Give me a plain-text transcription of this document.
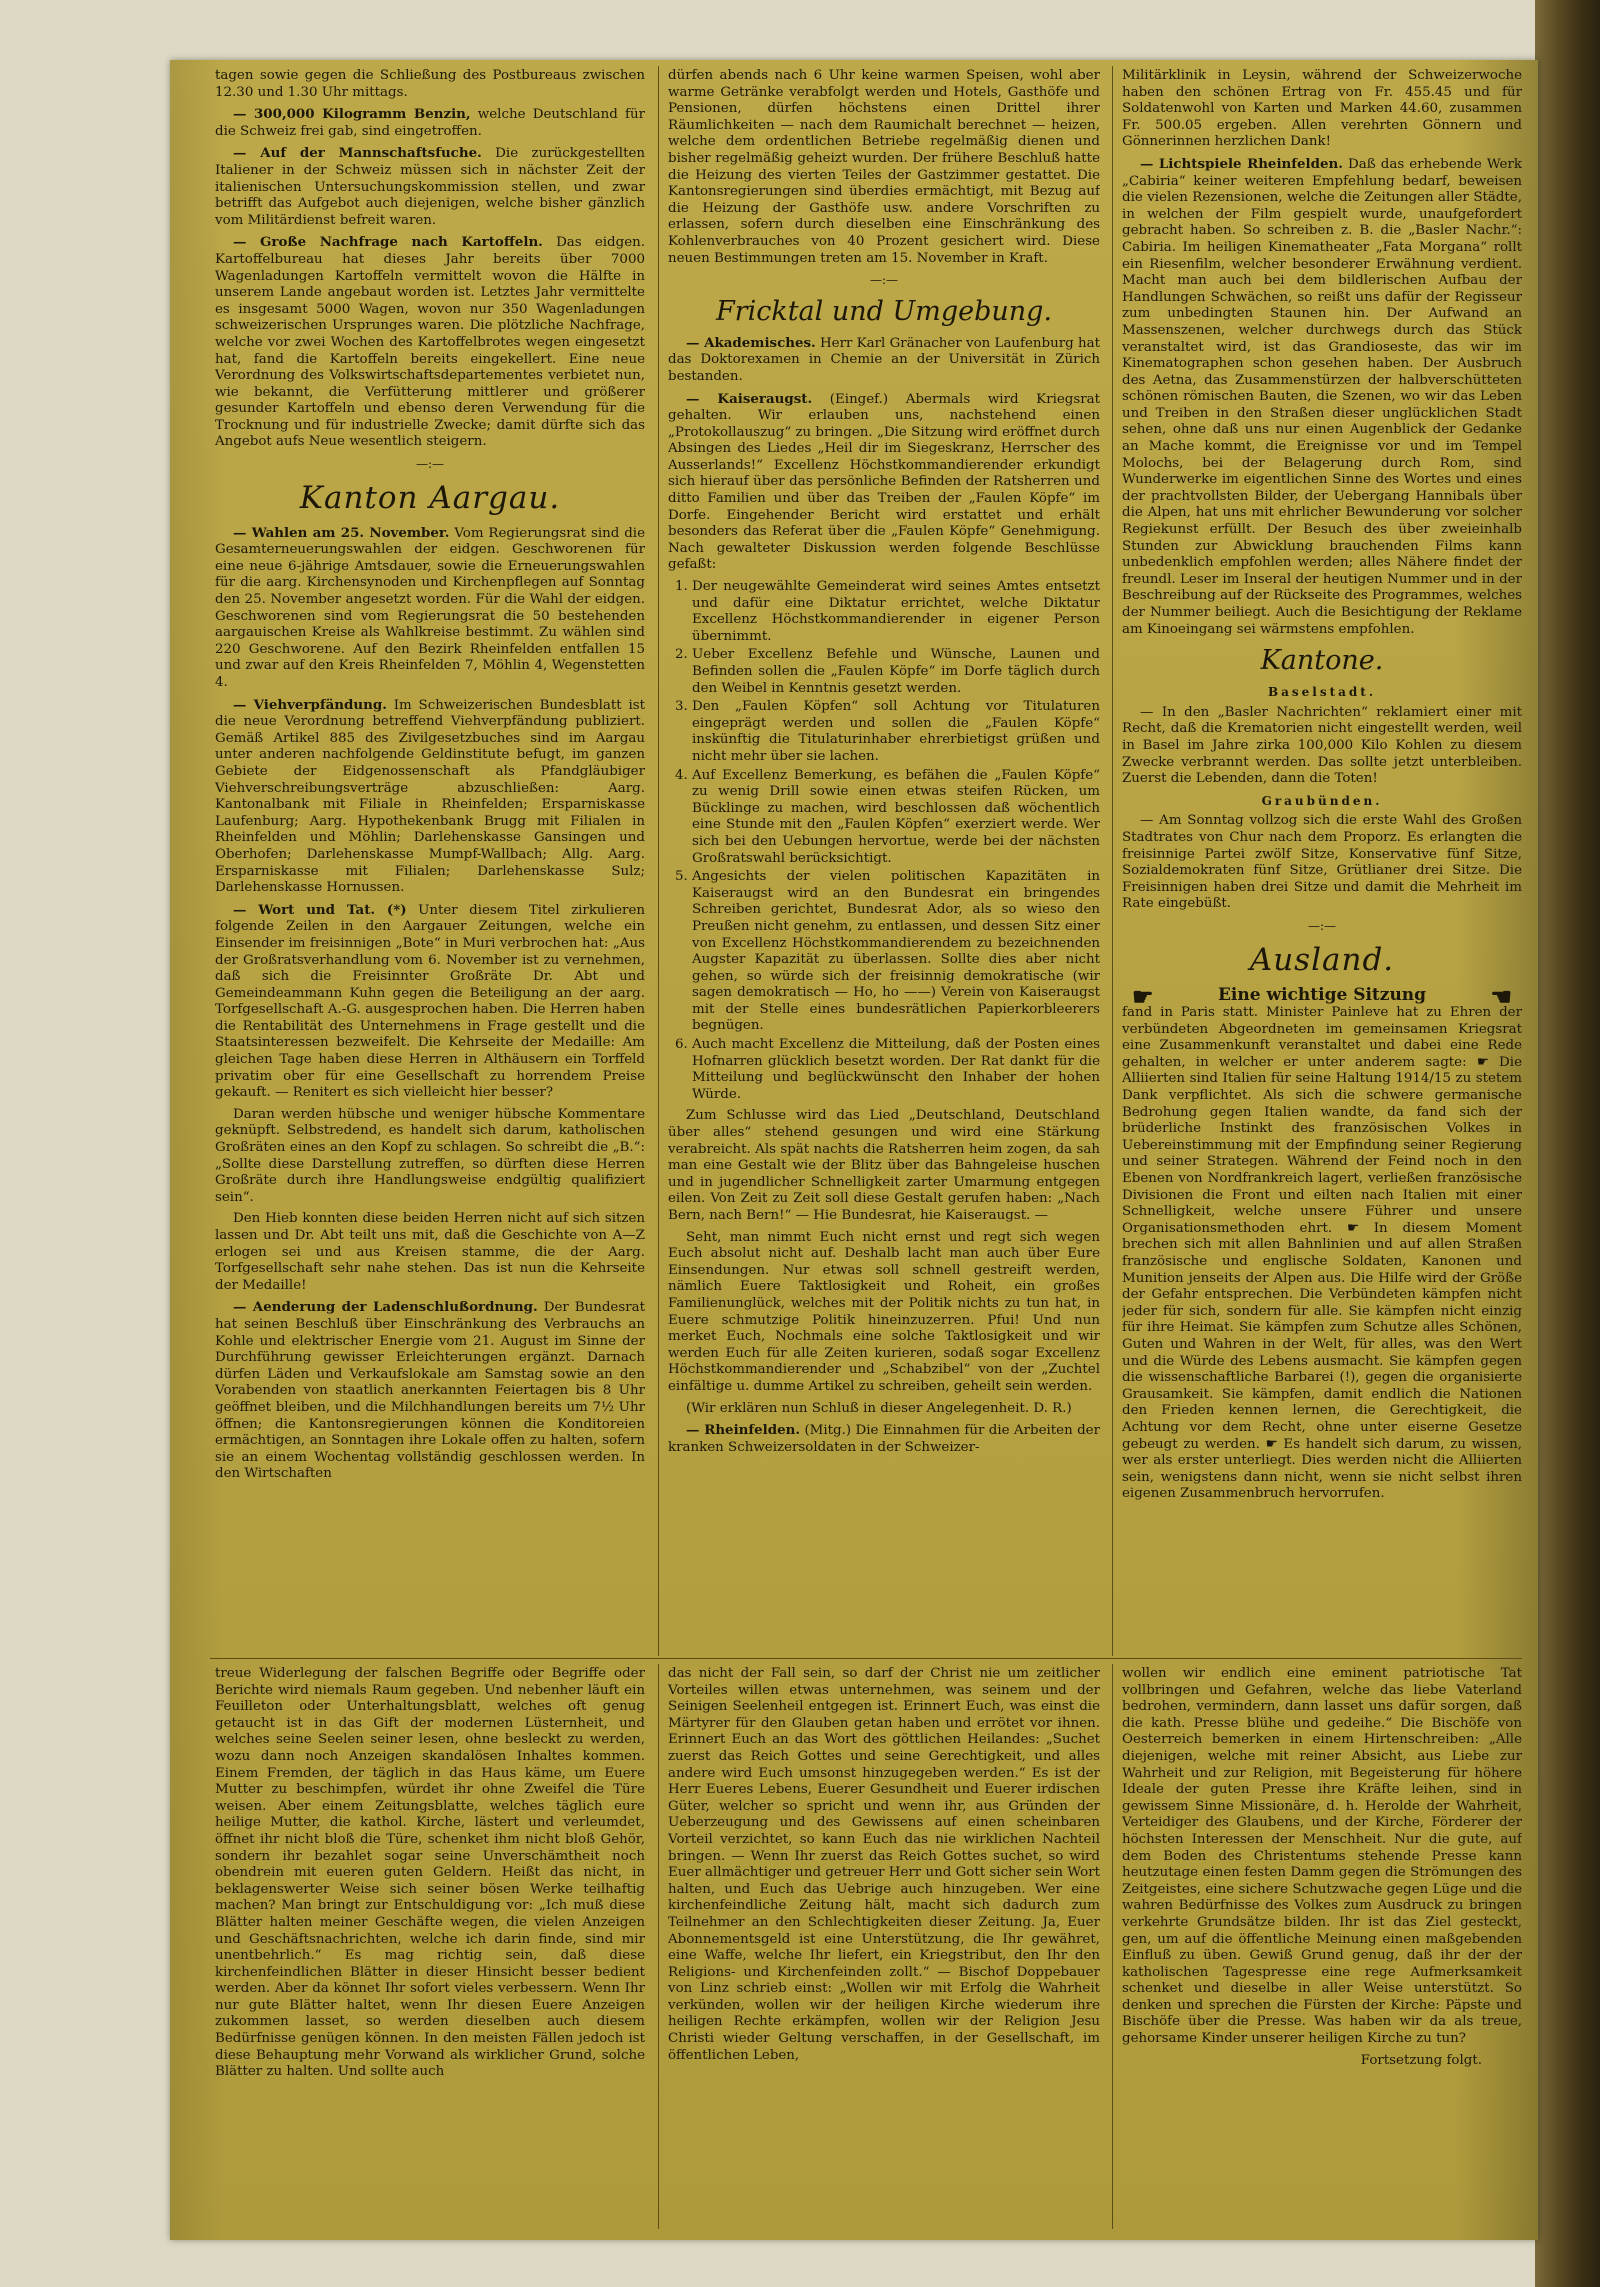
tagen sowie gegen die Schließung des Postbureaus zwischen 12.30 und 1.30 Uhr mittags.

— 300,000 Kilogramm Benzin, welche Deutschland für die Schweiz frei gab, sind eingetroffen.

— Auf der Mannschaftsfuche. Die zurückgestellten Italiener in der Schweiz müssen sich in nächster Zeit der italienischen Untersuchungskommission stellen, und zwar betrifft das Aufgebot auch diejenigen, welche bisher gänzlich vom Militärdienst befreit waren.

— Große Nachfrage nach Kartoffeln. Das eidgen. Kartoffelbureau hat dieses Jahr bereits über 7000 Wagenladungen Kartoffeln vermittelt wovon die Hälfte in unserem Lande angebaut worden ist. Letztes Jahr vermittelte es insgesamt 5000 Wagen, wovon nur 350 Wagenladungen schweizerischen Ursprunges waren. Die plötzliche Nachfrage, welche vor zwei Wochen des Kartoffelbrotes wegen eingesetzt hat, fand die Kartoffeln bereits eingekellert. Eine neue Verordnung des Volkswirtschaftsdepartementes verbietet nun, wie bekannt, die Verfütterung mittlerer und größerer gesunder Kartoffeln und ebenso deren Verwendung für die Trocknung und für industrielle Zwecke; damit dürfte sich das Angebot aufs Neue wesentlich steigern.

—:—
Kanton Aargau.

— Wahlen am 25. November. Vom Regierungsrat sind die Gesamterneuerungswahlen der eidgen. Geschworenen für eine neue 6-jährige Amtsdauer, sowie die Erneuerungswahlen für die aarg. Kirchensynoden und Kirchenpflegen auf Sonntag den 25. November angesetzt worden. Für die Wahl der eidgen. Geschworenen sind vom Regierungsrat die 50 bestehenden aargauischen Kreise als Wahlkreise bestimmt. Zu wählen sind 220 Geschworene. Auf den Bezirk Rheinfelden entfallen 15 und zwar auf den Kreis Rheinfelden 7, Möhlin 4, Wegenstetten 4.

— Viehverpfändung. Im Schweizerischen Bundesblatt ist die neue Verordnung betreffend Viehverpfändung publiziert. Gemäß Artikel 885 des Zivilgesetzbuches sind im Aargau unter anderen nachfolgende Geldinstitute befugt, im ganzen Gebiete der Eidgenossenschaft als Pfandgläubiger Viehverschreibungsverträge abzuschließen: Aarg. Kantonalbank mit Filiale in Rheinfelden; Ersparniskasse Laufenburg; Aarg. Hypothekenbank Brugg mit Filialen in Rheinfelden und Möhlin; Darlehenskasse Gansingen und Oberhofen; Darlehenskasse Mumpf-Wallbach; Allg. Aarg. Ersparniskasse mit Filialen; Darlehenskasse Sulz; Darlehenskasse Hornussen.

— Wort und Tat. (*) Unter diesem Titel zirkulieren folgende Zeilen in den Aargauer Zeitungen, welche ein Einsender im freisinnigen „Bote“ in Muri verbrochen hat: „Aus der Großratsverhandlung vom 6. November ist zu vernehmen, daß sich die Freisinnter Großräte Dr. Abt und Gemeindeammann Kuhn gegen die Beteiligung an der aarg. Torfgesellschaft A.-G. ausgesprochen haben. Die Herren haben die Rentabilität des Unternehmens in Frage gestellt und die Staatsinteressen bezweifelt. Die Kehrseite der Medaille: Am gleichen Tage haben diese Herren in Althäusern ein Torffeld privatim ober für eine Gesellschaft zu horrendem Preise gekauft. — Renitert es sich vielleicht hier besser?

Daran werden hübsche und weniger hübsche Kommentare geknüpft. Selbstredend, es handelt sich darum, katholischen Großräten eines an den Kopf zu schlagen. So schreibt die „B.“: „Sollte diese Darstellung zutreffen, so dürften diese Herren Großräte durch ihre Handlungsweise endgültig qualifiziert sein“.

Den Hieb konnten diese beiden Herren nicht auf sich sitzen lassen und Dr. Abt teilt uns mit, daß die Geschichte von A—Z erlogen sei und aus Kreisen stamme, die der Aarg. Torfgesellschaft sehr nahe stehen. Das ist nun die Kehrseite der Medaille!

— Aenderung der Ladenschlußordnung. Der Bundesrat hat seinen Beschluß über Einschränkung des Verbrauchs an Kohle und elektrischer Energie vom 21. August im Sinne der Durchführung gewisser Erleichterungen ergänzt. Darnach dürfen Läden und Verkaufslokale am Samstag sowie an den Vorabenden von staatlich anerkannten Feiertagen bis 8 Uhr geöffnet bleiben, und die Milchhandlungen bereits um 7½ Uhr öffnen; die Kantonsregierungen können die Konditoreien ermächtigen, an Sonntagen ihre Lokale offen zu halten, sofern sie an einem Wochentag vollständig geschlossen werden. In den Wirtschaften

dürfen abends nach 6 Uhr keine warmen Speisen, wohl aber warme Getränke verabfolgt werden und Hotels, Gasthöfe und Pensionen, dürfen höchstens einen Drittel ihrer Räumlichkeiten — nach dem Raumichalt berechnet — heizen, welche dem ordentlichen Betriebe regelmäßig dienen und bisher regelmäßig geheizt wurden. Der frühere Beschluß hatte die Heizung des vierten Teiles der Gastzimmer gestattet. Die Kantonsregierungen sind überdies ermächtigt, mit Bezug auf die Heizung der Gasthöfe usw. andere Vorschriften zu erlassen, sofern durch dieselben eine Einschränkung des Kohlenverbrauches von 40 Prozent gesichert wird. Diese neuen Bestimmungen treten am 15. November in Kraft.

—:—
Fricktal und Umgebung.

— Akademisches. Herr Karl Gränacher von Laufenburg hat das Doktorexamen in Chemie an der Universität in Zürich bestanden.

— Kaiseraugst. (Eingef.) Abermals wird Kriegsrat gehalten. Wir erlauben uns, nachstehend einen „Protokollauszug“ zu bringen. „Die Sitzung wird eröffnet durch Absingen des Liedes „Heil dir im Siegeskranz, Herrscher des Ausserlands!“ Excellenz Höchstkommandierender erkundigt sich hierauf über das persönliche Befinden der Ratsherren und ditto Familien und über das Treiben der „Faulen Köpfe“ im Dorfe. Eingehender Bericht wird erstattet und erhält besonders das Referat über die „Faulen Köpfe“ Genehmigung. Nach gewalteter Diskussion werden folgende Beschlüsse gefaßt:

1. Der neugewählte Gemeinderat wird seines Amtes entsetzt und dafür eine Diktatur errichtet, welche Diktatur Excellenz Höchstkommandierender in eigener Person übernimmt.
2. Ueber Excellenz Befehle und Wünsche, Launen und Befinden sollen die „Faulen Köpfe“ im Dorfe täglich durch den Weibel in Kenntnis gesetzt werden.
3. Den „Faulen Köpfen“ soll Achtung vor Titulaturen eingeprägt werden und sollen die „Faulen Köpfe“ inskünftig die Titulaturinhaber ehrerbietigst grüßen und nicht mehr über sie lachen.
4. Auf Excellenz Bemerkung, es befähen die „Faulen Köpfe“ zu wenig Drill sowie einen etwas steifen Rücken, um Bücklinge zu machen, wird beschlossen daß wöchentlich eine Stunde mit den „Faulen Köpfen“ exerziert werde. Wer sich bei den Uebungen hervortue, werde bei der nächsten Großratswahl berücksichtigt.
5. Angesichts der vielen politischen Kapazitäten in Kaiseraugst wird an den Bundesrat ein bringendes Schreiben gerichtet, Bundesrat Ador, als so wieso den Preußen nicht genehm, zu entlassen, und dessen Sitz einer von Excellenz Höchstkommandierendem zu bezeichnenden Augster Kapazität zu überlassen. Sollte dies aber nicht gehen, so würde sich der freisinnig demokratische (wir sagen demokratisch — Ho, ho ——) Verein von Kaiseraugst mit der Stelle eines bundesrätlichen Papierkorbleerers begnügen.
6. Auch macht Excellenz die Mitteilung, daß der Posten eines Hofnarren glücklich besetzt worden. Der Rat dankt für die Mitteilung und beglückwünscht den Inhaber der hohen Würde.

Zum Schlusse wird das Lied „Deutschland, Deutschland über alles“ stehend gesungen und wird eine Stärkung verabreicht. Als spät nachts die Ratsherren heim zogen, da sah man eine Gestalt wie der Blitz über das Bahngeleise huschen und in jugendlicher Schnelligkeit zarter Umarmung entgegen eilen. Von Zeit zu Zeit soll diese Gestalt gerufen haben: „Nach Bern, nach Bern!“ — Hie Bundesrat, hie Kaiseraugst. —

Seht, man nimmt Euch nicht ernst und regt sich wegen Euch absolut nicht auf. Deshalb lacht man auch über Eure Einsendungen. Nur etwas soll schnell gestreift werden, nämlich Euere Taktlosigkeit und Roheit, ein großes Familienunglück, welches mit der Politik nichts zu tun hat, in Euere schmutzige Politik hineinzuzerren. Pfui! Und nun merket Euch, Nochmals eine solche Taktlosigkeit und wir werden Euch für alle Zeiten kurieren, sodaß sogar Excellenz Höchstkommandierender und „Schabzibel“ von der „Zuchtel einfältige u. dumme Artikel zu schreiben, geheilt sein werden.

(Wir erklären nun Schluß in dieser Angelegenheit. D. R.)

— Rheinfelden. (Mitg.) Die Einnahmen für die Arbeiten der kranken Schweizersoldaten in der Schweizer-

Militärklinik in Leysin, während der Schweizerwoche haben den schönen Ertrag von Fr. 455.45 und für Soldatenwohl von Karten und Marken 44.60, zusammen Fr. 500.05 ergeben. Allen verehrten Gönnern und Gönnerinnen herzlichen Dank!

— Lichtspiele Rheinfelden. Daß das erhebende Werk „Cabiria“ keiner weiteren Empfehlung bedarf, beweisen die vielen Rezensionen, welche die Zeitungen aller Städte, in welchen der Film gespielt wurde, unaufgefordert gebracht haben. So schreiben z. B. die „Basler Nachr.“: Cabiria. Im heiligen Kinematheater „Fata Morgana“ rollt ein Riesenfilm, welcher besonderer Erwähnung verdient. Macht man auch bei dem bildlerischen Aufbau der Handlungen Schwächen, so reißt uns dafür der Regisseur zum unbedingten Staunen hin. Der Aufwand an Massenszenen, welcher durchwegs durch das Stück veranstaltet wird, ist das Grandioseste, das wir im Kinematographen schon gesehen haben. Der Ausbruch des Aetna, das Zusammenstürzen der halbverschütteten schönen römischen Bauten, die Szenen, wo wir das Leben und Treiben in den Straßen dieser unglücklichen Stadt sehen, ohne daß uns nur einen Augenblick der Gedanke an Mache kommt, die Ereignisse vor und im Tempel Molochs, bei der Belagerung durch Rom, sind Wunderwerke im eigentlichen Sinne des Wortes und eines der prachtvollsten Bilder, der Uebergang Hannibals über die Alpen, hat uns mit ehrlicher Bewunderung vor solcher Regiekunst erfüllt. Der Besuch des über zweieinhalb Stunden zur Abwicklung brauchenden Films kann unbedenklich empfohlen werden; alles Nähere findet der freundl. Leser im Inseral der heutigen Nummer und in der Beschreibung auf der Rückseite des Programmes, welches der Nummer beiliegt. Auch die Besichtigung der Reklame am Kinoeingang sei wärmstens empfohlen.

Kantone.
Baselstadt.

— In den „Basler Nachrichten“ reklamiert einer mit Recht, daß die Krematorien nicht eingestellt werden, weil in Basel im Jahre zirka 100,000 Kilo Kohlen zu diesem Zwecke verbrannt werden. Das sollte jetzt unterbleiben. Zuerst die Lebenden, dann die Toten!

Graubünden.

— Am Sonntag vollzog sich die erste Wahl des Großen Stadtrates von Chur nach dem Proporz. Es erlangten die freisinnige Partei zwölf Sitze, Konservative fünf Sitze, Sozialdemokraten fünf Sitze, Grütlianer drei Sitze. Die Freisinnigen haben drei Sitze und damit die Mehrheit im Rate eingebüßt.

—:—
Ausland.
☛	Eine wichtige Sitzung	☚

fand in Paris statt. Minister Painleve hat zu Ehren der verbündeten Abgeordneten im gemeinsamen Kriegsrat eine Zusammenkunft veranstaltet und dabei eine Rede gehalten, in welcher er unter anderem sagte: ☛ Die Alliierten sind Italien für seine Haltung 1914/15 zu stetem Dank verpflichtet. Als sich die schwere germanische Bedrohung gegen Italien wandte, da fand sich der brüderliche Instinkt des französischen Volkes in Uebereinstimmung mit der Empfindung seiner Regierung und seiner Strategen. Während der Feind noch in den Ebenen von Nordfrankreich lagert, verließen französische Divisionen die Front und eilten nach Italien mit einer Schnelligkeit, welche unsere Führer und unsere Organisationsmethoden ehrt. ☛ In diesem Moment brechen sich mit allen Bahnlinien und auf allen Straßen französische und englische Soldaten, Kanonen und Munition jenseits der Alpen aus. Die Hilfe wird der Größe der Gefahr entsprechen. Die Verbündeten kämpfen nicht jeder für sich, sondern für alle. Sie kämpfen nicht einzig für ihre Heimat. Sie kämpfen zum Schutze alles Schönen, Guten und Wahren in der Welt, für alles, was den Wert und die Würde des Lebens ausmacht. Sie kämpfen gegen die wissenschaftliche Barbarei (!), gegen die organisierte Grausamkeit. Sie kämpfen, damit endlich die Nationen den Frieden kennen lernen, die Gerechtigkeit, die Achtung vor dem Recht, ohne unter eiserne Gesetze gebeugt zu werden. ☛ Es handelt sich darum, zu wissen, wer als erster unterliegt. Dies werden nicht die Alliierten sein, wenigstens dann nicht, wenn sie nicht selbst ihren eigenen Zusammenbruch hervorrufen.

treue Widerlegung der falschen Begriffe oder Begriffe oder Berichte wird niemals Raum gegeben. Und nebenher läuft ein Feuilleton oder Unterhaltungsblatt, welches oft genug getaucht ist in das Gift der modernen Lüsternheit, und welches seine Seelen seiner lesen, ohne besleckt zu werden, wozu dann noch Anzeigen skandalösen Inhaltes kommen. Einem Fremden, der täglich in das Haus käme, um Euere Mutter zu beschimpfen, würdet ihr ohne Zweifel die Türe weisen. Aber einem Zeitungsblatte, welches täglich eure heilige Mutter, die kathol. Kirche, lästert und verleumdet, öffnet ihr nicht bloß die Türe, schenket ihm nicht bloß Gehör, sondern ihr bezahlet sogar seine Unverschämtheit noch obendrein mit eueren guten Geldern. Heißt das nicht, in beklagenswerter Weise sich seiner bösen Werke teilhaftig machen? Man bringt zur Entschuldigung vor: „Ich muß diese Blätter halten meiner Geschäfte wegen, die vielen Anzeigen und Geschäftsnachrichten, welche ich darin finde, sind mir unentbehrlich.“ Es mag richtig sein, daß diese kirchenfeindlichen Blätter in dieser Hinsicht besser bedient werden. Aber da könnet Ihr sofort vieles verbessern. Wenn Ihr nur gute Blätter haltet, wenn Ihr diesen Euere Anzeigen zukommen lasset, so werden dieselben auch diesem Bedürfnisse genügen können. In den meisten Fällen jedoch ist diese Behauptung mehr Vorwand als wirklicher Grund, solche Blätter zu halten. Und sollte auch

das nicht der Fall sein, so darf der Christ nie um zeitlicher Vorteiles willen etwas unternehmen, was seinem und der Seinigen Seelenheil entgegen ist. Erinnert Euch, was einst die Märtyrer für den Glauben getan haben und errötet vor ihnen. Erinnert Euch an das Wort des göttlichen Heilandes: „Suchet zuerst das Reich Gottes und seine Gerechtigkeit, und alles andere wird Euch umsonst hinzugegeben werden.“ Es ist der Herr Eueres Lebens, Euerer Gesundheit und Euerer irdischen Güter, welcher so spricht und wenn ihr, aus Gründen der Ueberzeugung und des Gewissens auf einen scheinbaren Vorteil verzichtet, so kann Euch das nie wirklichen Nachteil bringen. — Wenn Ihr zuerst das Reich Gottes suchet, so wird Euer allmächtiger und getreuer Herr und Gott sicher sein Wort halten, und Euch das Uebrige auch hinzugeben. Wer eine kirchenfeindliche Zeitung hält, macht sich dadurch zum Teilnehmer an den Schlechtigkeiten dieser Zeitung. Ja, Euer Abonnementsgeld ist eine Unterstützung, die Ihr gewähret, eine Waffe, welche Ihr liefert, ein Kriegstribut, den Ihr den Religions- und Kirchenfeinden zollt.“ — Bischof Doppebauer von Linz schrieb einst: „Wollen wir mit Erfolg die Wahrheit verkünden, wollen wir der heiligen Kirche wiederum ihre heiligen Rechte erkämpfen, wollen wir der Religion Jesu Christi wieder Geltung verschaffen, in der Gesellschaft, im öffentlichen Leben,

wollen wir endlich eine eminent patriotische Tat vollbringen und Gefahren, welche das liebe Vaterland bedrohen, vermindern, dann lasset uns dafür sorgen, daß die kath. Presse blühe und gedeihe.“ Die Bischöfe von Oesterreich bemerken in einem Hirtenschreiben: „Alle diejenigen, welche mit reiner Absicht, aus Liebe zur Wahrheit und zur Religion, mit Begeisterung für höhere Ideale der guten Presse ihre Kräfte leihen, sind in gewissem Sinne Missionäre, d. h. Herolde der Wahrheit, Verteidiger des Glaubens, und der Kirche, Förderer der höchsten Interessen der Menschheit. Nur die gute, auf dem Boden des Christentums stehende Presse kann heutzutage einen festen Damm gegen die Strömungen des Zeitgeistes, eine sichere Schutzwache gegen Lüge und die wahren Bedürfnisse des Volkes zum Ausdruck zu bringen verkehrte Grundsätze bilden. Ihr ist das Ziel gesteckt, gen, um auf die öffentliche Meinung einen maßgebenden Einfluß zu üben. Gewiß Grund genug, daß ihr der der katholischen Tagespresse eine rege Aufmerksamkeit schenket und dieselbe in aller Weise unterstützt. So denken und sprechen die Fürsten der Kirche: Päpste und Bischöfe über die Presse. Was haben wir da als treue, gehorsame Kinder unserer heiligen Kirche zu tun?

Fortsetzung folgt.
